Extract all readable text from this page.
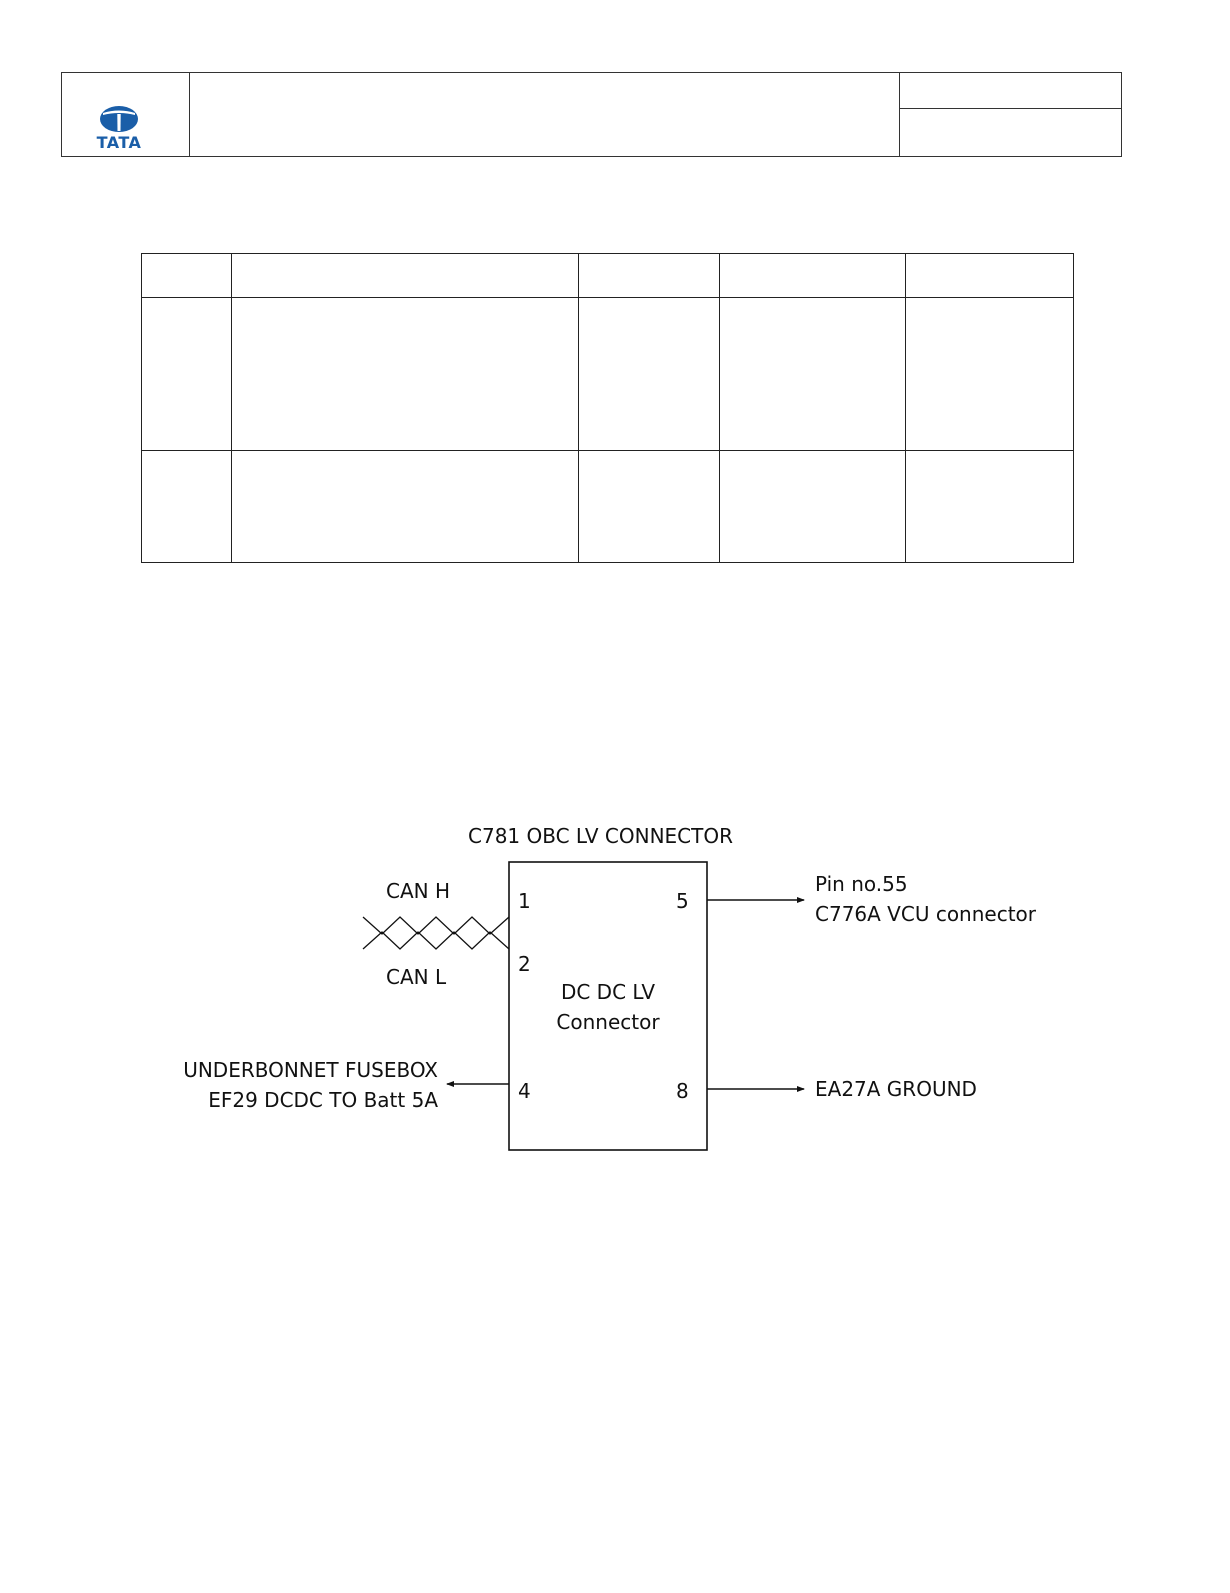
TATA
C781 OBC LV CONNECTOR
CAN H
CAN L
1
2
4
5
8
DC DC LV
Connector
Pin no.55
C776A VCU connector
UNDERBONNET FUSEBOX
EF29 DCDC TO Batt 5A	EA27A GROUND
